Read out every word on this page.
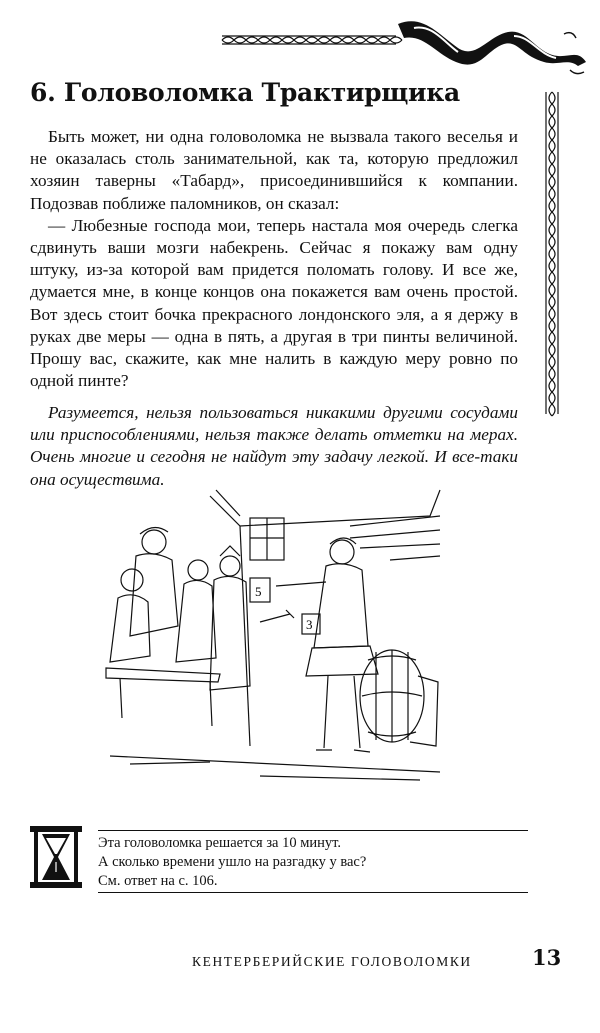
6. Головоломка Трактирщика

Быть может, ни одна головоломка не вызвала такого веселья и не оказалась столь занимательной, как та, которую предложил хозяин таверны «Табард», присоединившийся к компании. Подозвав поближе паломников, он сказал:

— Любезные господа мои, теперь настала моя очередь слегка сдвинуть ваши мозги набекрень. Сейчас я покажу вам одну штуку, из-за которой вам придется поломать голову. И все же, думается мне, в конце концов она покажется вам очень простой. Вот здесь стоит бочка прекрасного лондонского эля, а я держу в руках две меры — одна в пять, а другая в три пинты величиной. Прошу вас, скажите, как мне налить в каждую меру ровно по одной пинте?

Разумеется, нельзя пользоваться никакими другими сосудами или приспособлениями, нельзя также делать отметки на мерах. Очень многие и сегодня не найдут эту задачу легкой. И все-таки она осуществима.

5
3
Эта головоломка решается за 10 минут.
А сколько времени ушло на разгадку у вас?
См. ответ на с. 106.
КЕНТЕРБЕРИЙСКИЕ ГОЛОВОЛОМКИ	13
